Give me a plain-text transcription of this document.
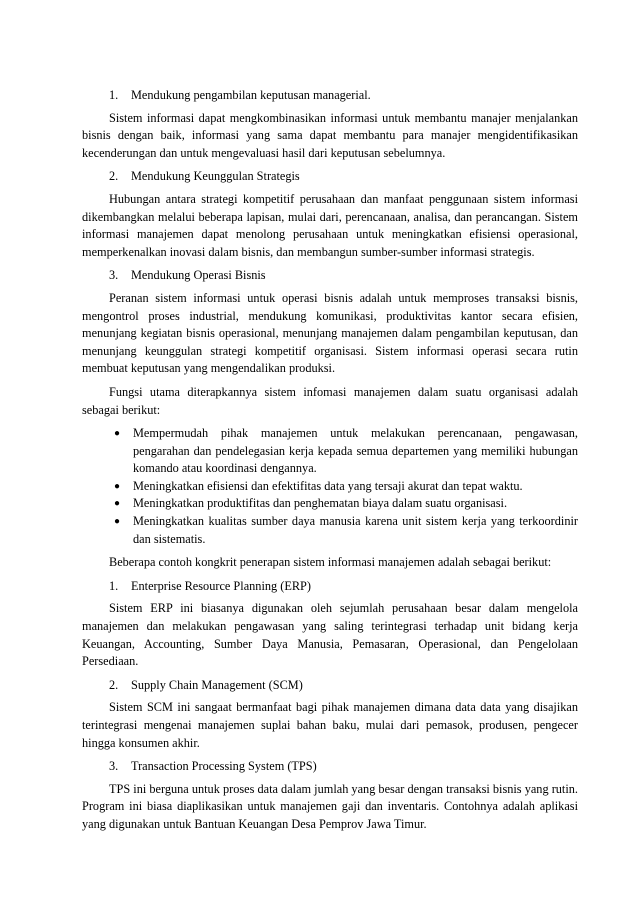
1. Mendukung pengambilan keputusan managerial.

Sistem informasi dapat mengkombinasikan informasi untuk membantu manajer menjalankan bisnis dengan baik, informasi yang sama dapat membantu para manajer mengidentifikasikan kecenderungan dan untuk mengevaluasi hasil dari keputusan sebelumnya.

2. Mendukung Keunggulan Strategis

Hubungan antara strategi kompetitif perusahaan dan manfaat penggunaan sistem informasi dikembangkan melalui beberapa lapisan, mulai dari, perencanaan, analisa, dan perancangan. Sistem informasi manajemen dapat menolong perusahaan untuk meningkatkan efisiensi operasional, memperkenalkan inovasi dalam bisnis, dan membangun sumber-sumber informasi strategis.

3. Mendukung Operasi Bisnis

Peranan sistem informasi untuk operasi bisnis adalah untuk memproses transaksi bisnis, mengontrol proses industrial, mendukung komunikasi, produktivitas kantor secara efisien, menunjang kegiatan bisnis operasional, menunjang manajemen dalam pengambilan keputusan, dan menunjang keunggulan strategi kompetitif organisasi. Sistem informasi operasi secara rutin membuat keputusan yang mengendalikan produksi.

Fungsi utama diterapkannya sistem infomasi manajemen dalam suatu organisasi adalah sebagai berikut:

● Mempermudah pihak manajemen untuk melakukan perencanaan, pengawasan, pengarahan dan pendelegasian kerja kepada semua departemen yang memiliki hubungan komando atau koordinasi dengannya.
● Meningkatkan efisiensi dan efektifitas data yang tersaji akurat dan tepat waktu.
● Meningkatkan produktifitas dan penghematan biaya dalam suatu organisasi.
● Meningkatkan kualitas sumber daya manusia karena unit sistem kerja yang terkoordinir dan sistematis.

Beberapa contoh kongkrit penerapan sistem informasi manajemen adalah sebagai berikut:

1. Enterprise Resource Planning (ERP)

Sistem ERP ini biasanya digunakan oleh sejumlah perusahaan besar dalam mengelola manajemen dan melakukan pengawasan yang saling terintegrasi terhadap unit bidang kerja Keuangan, Accounting, Sumber Daya Manusia, Pemasaran, Operasional, dan Pengelolaan Persediaan.

2. Supply Chain Management (SCM)

Sistem SCM ini sangaat bermanfaat bagi pihak manajemen dimana data data yang disajikan terintegrasi mengenai manajemen suplai bahan baku, mulai dari pemasok, produsen, pengecer hingga konsumen akhir.

3. Transaction Processing System (TPS)

TPS ini berguna untuk proses data dalam jumlah yang besar dengan transaksi bisnis yang rutin. Program ini biasa diaplikasikan untuk manajemen gaji dan inventaris. Contohnya adalah aplikasi yang digunakan untuk Bantuan Keuangan Desa Pemprov Jawa Timur.
